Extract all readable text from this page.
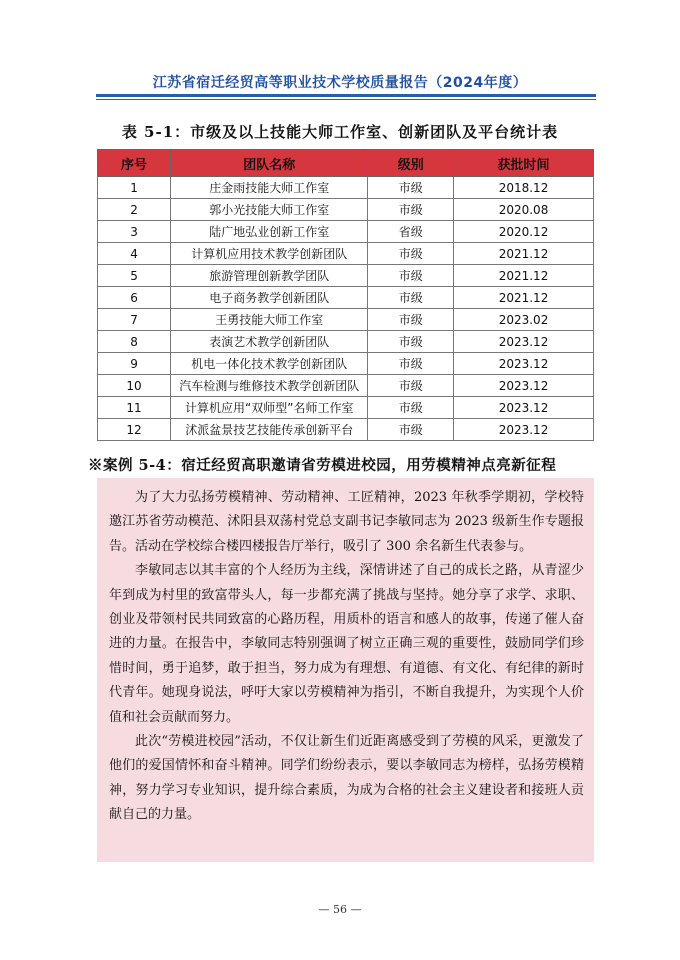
江苏省宿迁经贸高等职业技术学校质量报告（2024年度）
表 5-1：市级及以上技能大师工作室、创新团队及平台统计表
序号	团队名称	级别	获批时间
1	庄金雨技能大师工作室	市级	2018.12
2	郭小光技能大师工作室	市级	2020.08
3	陆广地弘业创新工作室	省级	2020.12
4	计算机应用技术教学创新团队	市级	2021.12
5	旅游管理创新教学团队	市级	2021.12
6	电子商务教学创新团队	市级	2021.12
7	王勇技能大师工作室	市级	2023.02
8	表演艺术教学创新团队	市级	2023.12
9	机电一体化技术教学创新团队	市级	2023.12
10	汽车检测与维修技术教学创新团队	市级	2023.12
11	计算机应用“双师型”名师工作室	市级	2023.12
12	沭派盆景技艺技能传承创新平台	市级	2023.12
※案例 5-4：宿迁经贸高职邀请省劳模进校园，用劳模精神点亮新征程

为了大力弘扬劳模精神、劳动精神、工匠精神，2023 年秋季学期初，学校特邀江苏省劳动模范、沭阳县双荡村党总支副书记李敏同志为 2023 级新生作专题报告。活动在学校综合楼四楼报告厅举行，吸引了 300 余名新生代表参与。

李敏同志以其丰富的个人经历为主线，深情讲述了自己的成长之路，从青涩少年到成为村里的致富带头人，每一步都充满了挑战与坚持。她分享了求学、求职、创业及带领村民共同致富的心路历程，用质朴的语言和感人的故事，传递了催人奋进的力量。在报告中，李敏同志特别强调了树立正确三观的重要性，鼓励同学们珍惜时间，勇于追梦，敢于担当，努力成为有理想、有道德、有文化、有纪律的新时代青年。她现身说法，呼吁大家以劳模精神为指引，不断自我提升，为实现个人价值和社会贡献而努力。

此次“劳模进校园”活动，不仅让新生们近距离感受到了劳模的风采，更激发了他们的爱国情怀和奋斗精神。同学们纷纷表示，要以李敏同志为榜样，弘扬劳模精神，努力学习专业知识，提升综合素质，为成为合格的社会主义建设者和接班人贡献自己的力量。

— 56 —
